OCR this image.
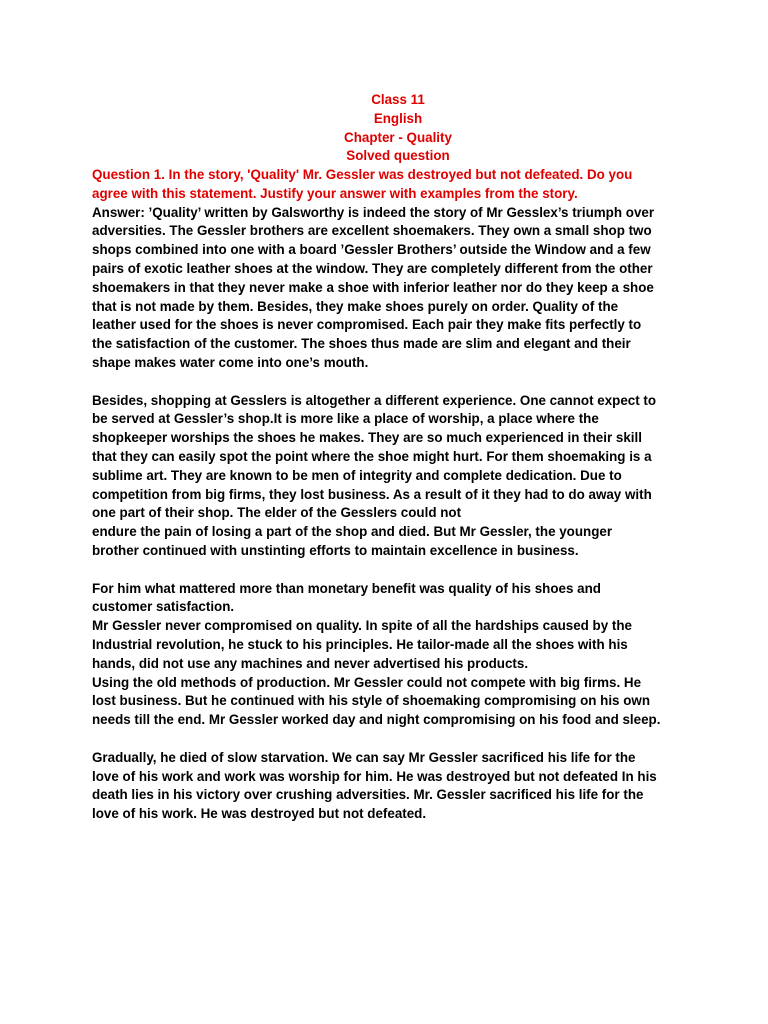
Class 11
English
Chapter - Quality
Solved question
Question 1. In the story, 'Quality' Mr. Gessler was destroyed but not defeated. Do you
agree with this statement. Justify your answer with examples from the story.
Answer: ’Quality’ written by Galsworthy is indeed the story of Mr Gesslex’s triumph over
adversities. The Gessler brothers are excellent shoemakers. They own a small shop two
shops combined into one with a board ’Gessler Brothers’ outside the Window and a few
pairs of exotic leather shoes at the window. They are completely different from the other
shoemakers in that they never make a shoe with inferior leather nor do they keep a shoe
that is not made by them. Besides, they make shoes purely on order. Quality of the
leather used for the shoes is never compromised. Each pair they make fits perfectly to
the satisfaction of the customer. The shoes thus made are slim and elegant and their
shape makes water come into one’s mouth.
Besides, shopping at Gesslers is altogether a different experience. One cannot expect to
be served at Gessler’s shop.It is more like a place of worship, a place where the
shopkeeper worships the shoes he makes. They are so much experienced in their skill
that they can easily spot the point where the shoe might hurt. For them shoemaking is a
sublime art. They are known to be men of integrity and complete dedication. Due to
competition from big firms, they lost business. As a result of it they had to do away with
one part of their shop. The elder of the Gesslers could not
endure the pain of losing a part of the shop and died. But Mr Gessler, the younger
brother continued with unstinting efforts to maintain excellence in business.
For him what mattered more than monetary benefit was quality of his shoes and
customer satisfaction.
Mr Gessler never compromised on quality. In spite of all the hardships caused by the
Industrial revolution, he stuck to his principles. He tailor-made all the shoes with his
hands, did not use any machines and never advertised his products.
Using the old methods of production. Mr Gessler could not compete with big firms. He
lost business. But he continued with his style of shoemaking compromising on his own
needs till the end. Mr Gessler worked day and night compromising on his food and sleep.
Gradually, he died of slow starvation. We can say Mr Gessler sacrificed his life for the
love of his work and work was worship for him. He was destroyed but not defeated In his
death lies in his victory over crushing adversities. Mr. Gessler sacrificed his life for the
love of his work. He was destroyed but not defeated.
